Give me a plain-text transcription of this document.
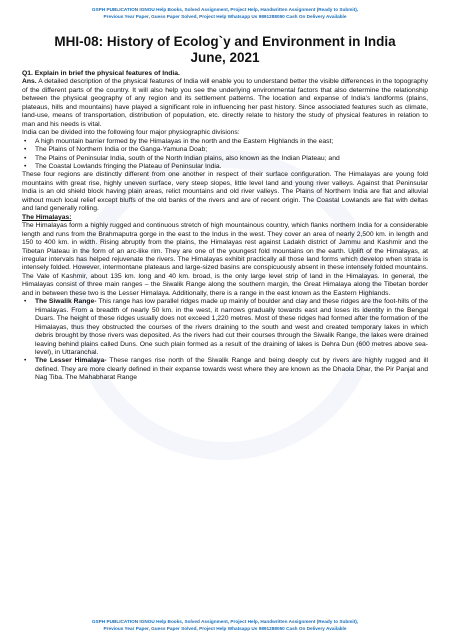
GSPH PUBLICATION IGNOU Help Books, Solved Assignment, Project Help, Handwritten Assignment (Ready to Submit),
Previous Year Paper, Guess Paper Solved, Project Help Whatsapp Us 9891288050 Cash On Delivery Available
MHI-08: History of Ecolog`y and Environment in India
June, 2021

Q1. Explain in brief the physical features of India.

Ans. A detailed description of the physical features of India will enable you to understand better the visible differences in the topography of the different parts of the country. It will also help you see the underlying environmental factors that also determine the relationship between the physical geography of any region and its settlement patterns. The location and expanse of India's landforms (plains, plateaus, hills and mountains) have played a significant role in influencing her past history. Since associated features such as climate, land-use, means of transportation, distribution of population, etc. directly relate to history the study of physical features in relation to man and his needs is vital.

India can be divided into the following four major physiographic divisions:

• A high mountain barrier formed by the Himalayas in the north and the Eastern Highlands in the east;
• The Plains of Northern India or the Ganga-Yamuna Doab;
• The Plains of Peninsular India, south of the North Indian plains, also known as the Indian Plateau; and
• The Coastal Lowlands fringing the Plateau of Peninsular India.

These four regions are distinctly different from one another in respect of their surface configuration. The Himalayas are young fold mountains with great rise, highly uneven surface, very steep slopes, little level land and young river valleys. Against that Peninsular India is an old shield block having plain areas, relict mountains and old river valleys. The Plains of Northern India are flat and alluvial without much local relief except bluffs of the old banks of the rivers and are of recent origin. The Coastal Lowlands are flat with deltas and land generally rolling.

The Himalayas:

The Himalayas form a highly rugged and continuous stretch of high mountainous country, which flanks northern India for a considerable length and runs from the Brahmaputra gorge in the east to the Indus in the west. They cover an area of nearly 2,500 km. in length and 150 to 400 km. in width. Rising abruptly from the plains, the Himalayas rest against Ladakh district of Jammu and Kashmir and the Tibetan Plateau in the form of an arc-like rim. They are one of the youngest fold mountains on the earth. Uplift of the Himalayas, at irregular intervals has helped rejuvenate the rivers. The Himalayas exhibit practically all those land forms which develop when strata is intensely folded. However, intermontane plateaus and large-sized basins are conspicuously absent in these intensely folded mountains. The Vale of Kashmir, about 135 km. long and 40 km. broad, is the only large level strip of land in the Himalayas. In general, the Himalayas consist of three main ranges – the Siwalik Range along the southern margin, the Great Himalaya along the Tibetan border and in between these two is the Lesser Himalaya. Additionally, there is a range in the east known as the Eastern Highlands.

• The Siwalik Range- This range has low parallel ridges made up mainly of boulder and clay and these ridges are the foot-hills of the Himalayas. From a breadth of nearly 50 km. in the west, it narrows gradually towards east and loses its identity in the Bengal Duars. The height of these ridges usually does not exceed 1,220 metres. Most of these ridges had formed after the formation of the Himalayas, thus they obstructed the courses of the rivers draining to the south and west and created temporary lakes in which debris brought by those rivers was deposited. As the rivers had cut their courses through the Siwalik Range, the lakes were drained leaving behind plains called Duns. One such plain formed as a result of the draining of lakes is Dehra Dun (600 metres above sea-level), in Uttaranchal.
• The Lesser Himalaya- These ranges rise north of the Siwalik Range and being deeply cut by rivers are highly rugged and ill defined. They are more clearly defined in their expanse towards west where they are known as the Dhaola Dhar, the Pir Panjal and Nag Tiba. The Mahabharat Range
GSPH PUBLICATION IGNOU Help Books, Solved Assignment, Project Help, Handwritten Assignment (Ready to Submit),
Previous Year Paper, Guess Paper Solved, Project Help Whatsapp Us 9891288050 Cash On Delivery Available
